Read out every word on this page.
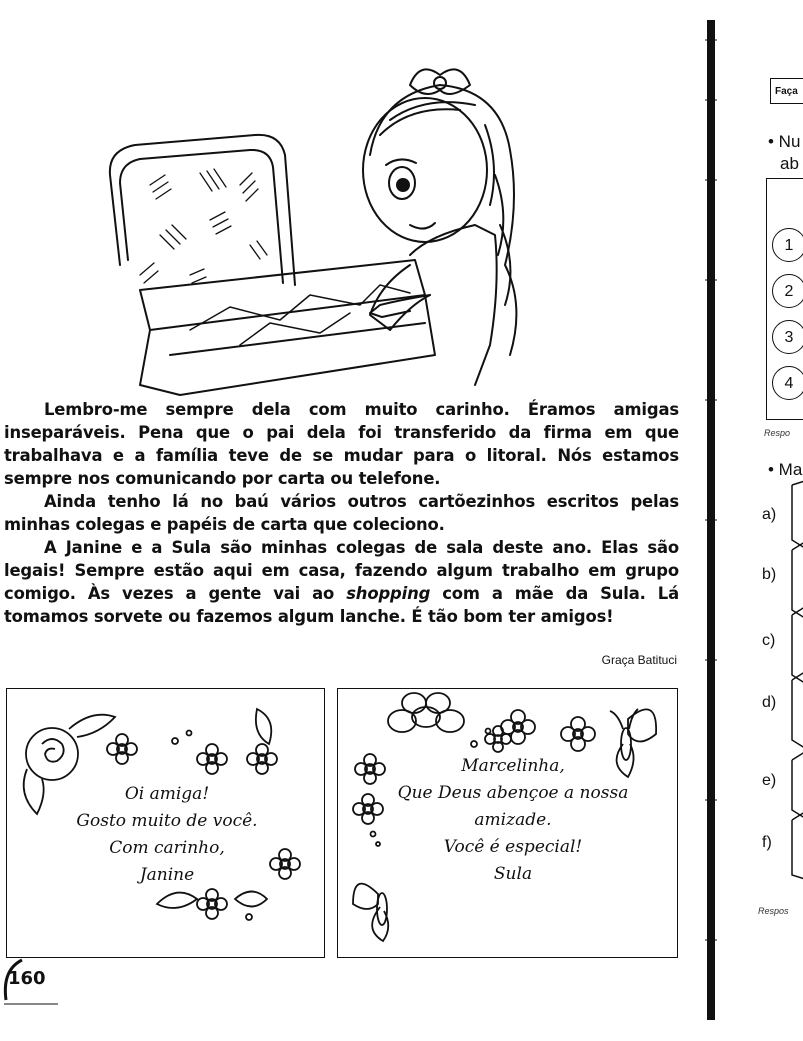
Lembro-me sempre dela com muito carinho. Éramos amigas inseparáveis. Pena que o pai dela foi transferido da firma em que trabalhava e a família teve de se mudar para o litoral. Nós estamos sempre nos comunicando por carta ou telefone.

Ainda tenho lá no baú vários outros cartõezinhos escritos pelas minhas colegas e papéis de carta que coleciono.

A Janine e a Sula são minhas colegas de sala deste ano. Elas são legais! Sempre estão aqui em casa, fazendo algum trabalho em grupo comigo. Às vezes a gente vai ao shopping com a mãe da Sula. Lá tomamos sorvete ou fazemos algum lanche. É tão bom ter amigos!

Graça Batituci
Oi amiga!
Gosto muito de você.
Com carinho,
Janine
Marcelinha,
Que Deus abençoe a nossa
amizade.
Você é especial!
Sula
160
Faça
• Nu
ab
1
2
3
4
Respo
• Ma
a)
b)
c)
d)
e)
f)
Respos
